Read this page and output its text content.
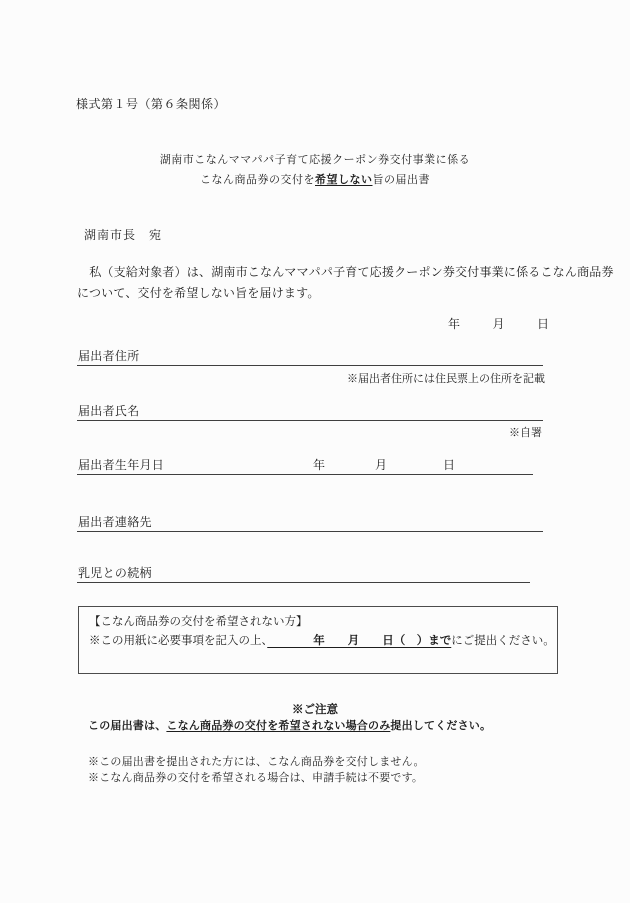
様式第１号（第６条関係）
湖南市こなんママパパ子育て応援クーポン券交付事業に係る
こなん商品券の交付を希望しない旨の届出書
湖南市長　宛
　私（支給対象者）は、湖南市こなんママパパ子育て応援クーポン券交付事業に係るこなん商品券
について、交付を希望しない旨を届けます。
年	月	日
届出者住所
※届出者住所には住民票上の住所を記載
届出者氏名
※自署
届出者生年月日	年	月	日
届出者連絡先
乳児との続柄
【こなん商品券の交付を希望されない方】
※この用紙に必要事項を記入の上、　　　　年　　月　　日（　）までにご提出ください。
※ご注意
この届出書は、こなん商品券の交付を希望されない場合のみ提出してください。
※この届出書を提出された方には、こなん商品券を交付しません。
※こなん商品券の交付を希望される場合は、申請手続は不要です。
